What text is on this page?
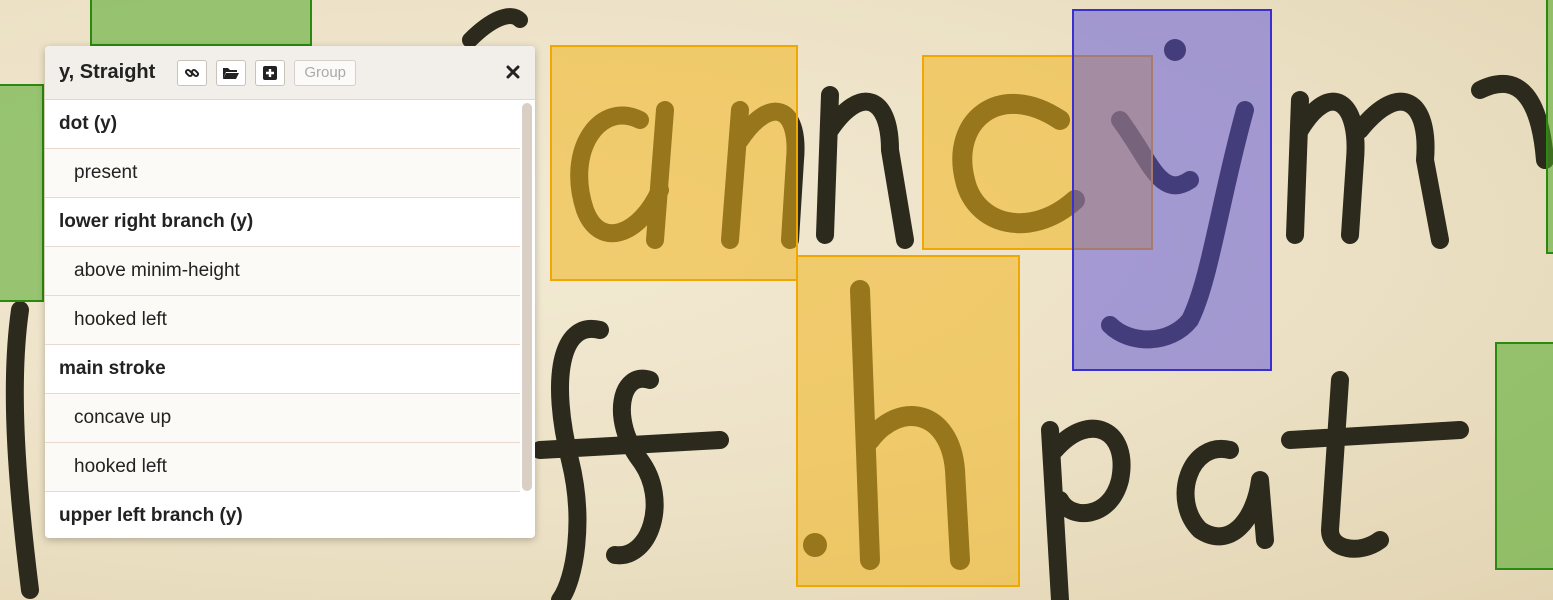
y, Straight	Group
dot (y)
present
lower right branch (y)
above minim-height
hooked left
main stroke
concave up
hooked left
upper left branch (y)
